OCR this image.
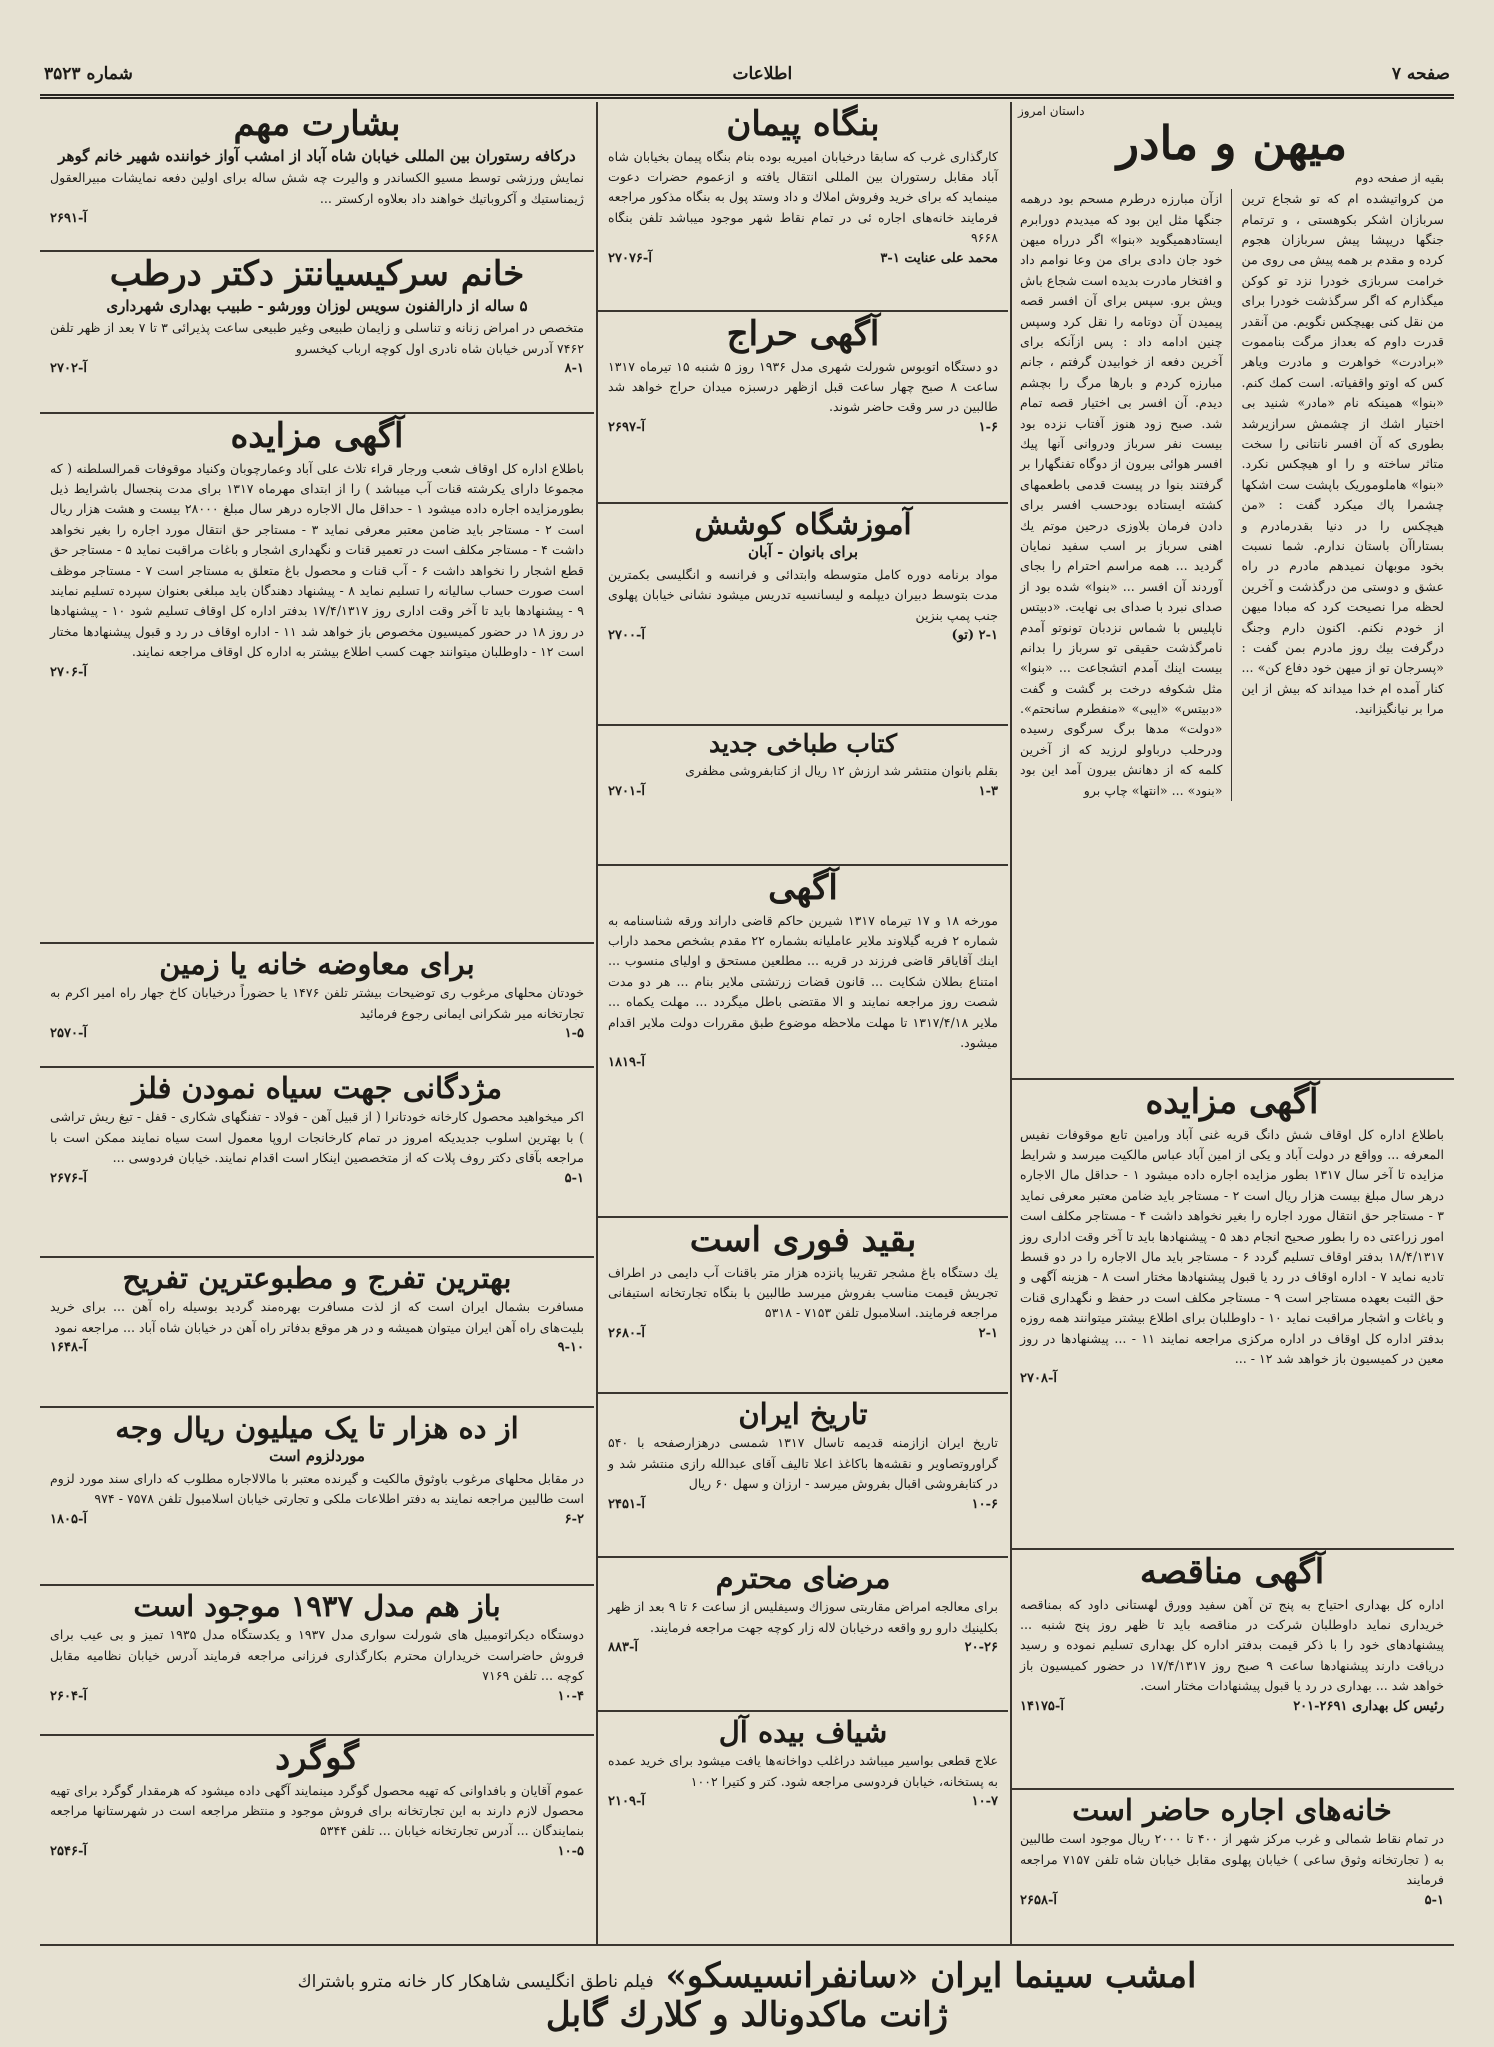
صفحه ۷
اطلاعات
شماره ۳۵۲۳
داستان امروز
میهن و مادر
بقیه از صفحه دوم

من کرواتیشده ام که تو شجاع ترین سربازان اشکر بکوهستی ، و ترتمام جنگها دریپشا پیش سربازان هجوم کرده و مقدم بر همه پیش می روی من خرامت سربازی خودرا نزد تو کوکن میگذارم که اگر سرگذشت خودرا برای من نقل کنی بهیچکس نگویم. من آنقدر قدرت داوم که بعداز مرگت بنامموت «برادرت» خواهرت و مادرت ویاهر کس که اوتو واقفیاته. است کمك کنم. «بنوا» همینکه نام «مادر» شنید بی اختیار اشك از چشمش سرازیرشد بطوری که آن افسر نانتانی را سخت متاثر ساخته و را او هیچکس نکرد. «بنوا» هاملوموریک باپشت ست اشکها چشمرا پاك میکرد گفت : «من هیچکس را در دنیا بقدرمادرم و بستاراآن باستان ندارم. شما نسبت بخود موبهان نمیدهم مادرم در راه عشق و دوستی من درگذشت و آخرین لحظه مرا نصیحت کرد که مبادا میهن از خودم نکنم. اکنون دارم وجنگ درگرفت بیك روز مادرم بمن گفت : «پسرجان تو از میهن خود دفاع کن» ... کنار آمده ام خدا میداند که بیش از این مرا بر نیانگیزانید.

ازآن مبارزه درطرم مسحم بود درهمه جنگها مثل این بود که میدیدم دورابرم ایستادهمیگوید «بنوا» اگر درراه میهن خود جان دادی برای من وعا نوامم داد و افتخار مادرت بدیده است شجاع باش ویش برو. سپس برای آن افسر قصه پیمیدن آن دوتامه را نقل کرد وسپس چنین ادامه داد : پس ازآنکه برای آخرین دفعه از خوابیدن گرفتم ، جانم مبارزه کردم و بارها مرگ را بچشم دیدم. آن افسر بی اختیار قصه تمام شد. صبح زود هنوز آفتاب نزده بود بیست نفر سرباز ودروانی آنها پیك افسر هوائی بیرون از دوگاه تفنگهارا بر گرفتند بنوا در پیست قدمی باطعمهای کشته ایستاده بودحسب افسر برای دادن فرمان بلاوزی درحین موتم یك اهنی سرباز بر اسب سفید نمایان گردید ... همه مراسم احترام را بجای آوردند آن افسر ... «بنوا» شده بود از صدای نبرد با صدای بی نهایت. «دبیتس ناپلیس با شماس نزدبان تونوتو آمدم نامرگذشت حقیقی تو سرباز را بدانم بیست اینك آمدم اتشجاعت ... «بنوا» مثل شكوفه درخت بر گشت و گفت «دبیتس» «ایبی» «منفطرم سانحتم». «دولت» مدها برگ سرگوی رسیده ودرحلب درباولو لرزید که از آخرین کلمه که از دهانش بیرون آمد این بود «بنود» ... «انتها» چاپ برو

آگهی مزایده

باطلاع اداره کل اوقاف شش دانگ قریه غنی آباد ورامین تابع موقوفات نفیس المعرفه ... وواقع در دولت آباد و یکی از امین آباد عباس مالکیت میرسد و شرایط مزایده تا آخر سال ۱۳۱۷ بطور مزایده اجاره داده میشود ۱ - حداقل مال الاجاره درهر سال مبلغ بیست هزار ریال است ۲ - مستاجر باید ضامن معتبر معرفی نماید ۳ - مستاجر حق انتقال مورد اجاره را بغیر نخواهد داشت ۴ - مستاجر مکلف است امور زراعتی ده را بطور صحیح انجام دهد ۵ - پیشنهادها باید تا آخر وقت اداری روز ۱۸/۴/۱۳۱۷ بدفتر اوقاف تسلیم گردد ۶ - مستاجر باید مال الاجاره را در دو قسط تادیه نماید ۷ - اداره اوقاف در رد یا قبول پیشنهادها مختار است ۸ - هزینه آگهی و حق الثبت بعهده مستاجر است ۹ - مستاجر مکلف است در حفظ و نگهداری قنات و باغات و اشجار مراقبت نماید ۱۰ - داوطلبان برای اطلاع بیشتر میتوانند همه روزه بدفتر اداره کل اوقاف در اداره مرکزی مراجعه نمایند ۱۱ - ... پیشنهادها در روز معین در کمیسیون باز خواهد شد ۱۲ - ...

آ-۲۷۰۸
آگهی مناقصه

اداره کل بهداری احتیاج به پنج تن آهن سفید وورق لهستانی داود که بمناقصه خریداری نماید داوطلبان شرکت در مناقصه باید تا ظهر روز پنج شنبه ... پیشنهادهای خود را با ذکر قیمت بدفتر اداره کل بهداری تسلیم نموده و رسید دریافت دارند پیشنهادها ساعت ۹ صبح روز ۱۷/۴/۱۳۱۷ در حضور کمیسیون باز خواهد شد ... بهداری در رد یا قبول پیشنهادات مختار است.

رئیس کل بهداری ۲۶۹۱-۲۰۱
آ-۱۴۱۷۵
خانه‌های اجاره حاضر است

در تمام نقاط شمالی و غرب مرکز شهر از ۴۰۰ تا ۲۰۰۰ ریال موجود است طالبین به ( تجارتخانه وثوق ساعی ) خیابان پهلوی مقابل خیابان شاه تلفن ۷۱۵۷ مراجعه فرمایند

۵-۱
آ-۲۶۵۸
بنگاه پیمان

کارگذاری غرب که سابقا درخیابان امیریه بوده بنام بنگاه پیمان بخیابان شاه آباد مقابل رستوران بین المللی انتقال یافته و ازعموم حضرات دعوت مینماید که برای خرید وفروش املاك و داد وستد پول به بنگاه مذکور مراجعه فرمایند خانه‌های اجاره ئی در تمام نقاط شهر موجود میباشد تلفن بنگاه ۹۶۶۸

محمد علی عنایت ۱-۳
آ-۲۷۰۷۶
آگهی حراج

دو دستگاه اتوبوس شورلت شهری مدل ۱۹۳۶ روز ۵ شنبه ۱۵ تیرماه ۱۳۱۷ ساعت ۸ صبح چهار ساعت قبل ازظهر درسبزه میدان حراج خواهد شد طالبین در سر وقت حاضر شوند.

۱-۶
آ-۲۶۹۷
آموزشگاه کوشش
برای بانوان - آبان

مواد برنامه دوره کامل متوسطه وابتدائی و فرانسه و انگلیسی بکمترین مدت بتوسط دبیران دیپلمه و لیسانسیه تدریس میشود نشانی خیابان پهلوی جنب پمپ بنزین

(تو) ۱-۲
آ-۲۷۰۰
کتاب طباخی جدید

بقلم بانوان منتشر شد ارزش ۱۲ ریال از کتابفروشی مظفری

۱-۳
آ-۲۷۰۱
آگهی

مورخه ۱۸ و ۱۷ تیرماه ۱۳۱۷ شیرین حاکم قاضی داراند ورقه شناسنامه به شماره ۲ فریه گیلاوند ملایر عاملیانه بشماره ۲۲ مقدم بشخص محمد داراب اینك آقایاقر قاضی فرزند در قریه ... مطلعین مستحق و اولیای منسوب ... امتناع بطلان شکایت ... قانون قضات زرتشتی ملایر بنام ... هر دو مدت شصت روز مراجعه نمایند و الا مقتضی باطل میگردد ... مهلت یکماه ... ملایر ۱۳۱۷/۴/۱۸ تا مهلت ملاحظه موضوع طبق مقررات دولت ملایر اقدام میشود.

آ-۱۸۱۹
بقید فوری است

یك دستگاه باغ مشجر تقریبا پانزده هزار متر باقنات آب دایمی در اطراف تجریش قیمت مناسب بفروش میرسد طالبین با بنگاه تجارتخانه استیفانی مراجعه فرمایند. اسلامبول تلفن ۷۱۵۳ - ۵۳۱۸

۲-۱
آ-۲۶۸۰
تاریخ ایران

تاریخ ایران ازازمنه قدیمه تاسال ۱۳۱۷ شمسی درهزارصفحه با ۵۴۰ گراوروتصاویر و نقشه‌ها باکاغذ اعلا تالیف آقای عبدالله رازی منتشر شد و در کتابفروشی اقبال بفروش میرسد - ارزان و سهل ۶۰ ریال

۱۰-۶
آ-۲۴۵۱
مرضای محترم

برای معالجه امراض مقاربتی سوزاك وسیفلیس از ساعت ۶ تا ۹ بعد از ظهر بکلینیك دارو رو واقعه درخیابان لاله زار کوچه جهت مراجعه فرمایند.

۲۰-۲۶
آ-۸۸۳
شیاف بیده آل

علاج قطعی بواسیر میباشد دراغلب دواخانه‌ها یافت میشود برای خرید عمده به پستخانه، خیابان فردوسی مراجعه شود. کتر و کتیرا ۱۰۰۲

۱۰-۷
آ-۲۱۰۹
بشارت مهم
درکافه رستوران بین المللی خیابان شاه آباد از امشب آواز خواننده شهیر خانم گوهر

نمایش ورزشی توسط مسیو الکساندر و والیرت چه شش ساله برای اولین دفعه نمایشات مبیرالعقول ژیمناستیك و آکروباتیك خواهند داد بعلاوه ارکستر ...

آ-۲۶۹۱
خانم سرکیسیانتز دکتر درطب
۵ ساله از دارالفنون سویس لوزان وورشو - طبیب بهداری شهرداری

متخصص در امراض زنانه و تناسلی و زایمان طبیعی وغیر طبیعی ساعت پذیرائی ۳ تا ۷ بعد از ظهر تلفن ۷۴۶۲ آدرس خیابان شاه نادری اول کوچه ارباب کیخسرو

۸-۱
آ-۲۷۰۲
آگهی مزایده

باطلاع اداره کل اوقاف شعب ورجار قراء تلاث علی آباد وعمارچوبان وکنیاد موقوفات قمرالسلطنه ( که مجموعا دارای یکرشته قنات آب میباشد ) را از ابتدای مهرماه ۱۳۱۷ برای مدت پنجسال باشرایط ذیل بطورمزایده اجاره داده میشود ۱ - حداقل مال الاجاره درهر سال مبلغ ۲۸۰۰۰ بیست و هشت هزار ریال است ۲ - مستاجر باید ضامن معتبر معرفی نماید ۳ - مستاجر حق انتقال مورد اجاره را بغیر نخواهد داشت ۴ - مستاجر مکلف است در تعمیر قنات و نگهداری اشجار و باغات مراقبت نماید ۵ - مستاجر حق قطع اشجار را نخواهد داشت ۶ - آب قنات و محصول باغ متعلق به مستاجر است ۷ - مستاجر موظف است صورت حساب سالیانه را تسلیم نماید ۸ - پیشنهاد دهندگان باید مبلغی بعنوان سپرده تسلیم نمایند ۹ - پیشنهادها باید تا آخر وقت اداری روز ۱۷/۴/۱۳۱۷ بدفتر اداره کل اوقاف تسلیم شود ۱۰ - پیشنهادها در روز ۱۸ در حضور کمیسیون مخصوص باز خواهد شد ۱۱ - اداره اوقاف در رد و قبول پیشنهادها مختار است ۱۲ - داوطلبان میتوانند جهت کسب اطلاع بیشتر به اداره کل اوقاف مراجعه نمایند.

آ-۲۷۰۶
برای معاوضه خانه یا زمین

خودتان محلهای مرغوب ری توضیحات بیشتر تلفن ۱۴۷۶ یا حضوراً درخیابان کاخ جهار راه امیر اکرم به تجارتخانه میر شکرانی ایمانی رجوع فرمائید

۱-۵
آ-۲۵۷۰
مژدگانی جهت سیاه نمودن فلز

اکر میخواهید محصول کارخانه خودتانرا ( از قبیل آهن - فولاد - تفنگهای شکاری - قفل - تیغ ریش تراشی ) با بهترین اسلوب جدیدیکه امروز در تمام کارخانجات اروپا معمول است سیاه نمایند ممکن است با مراجعه بآقای دکتر روف پلات که از متخصصین اینکار است اقدام نمایند. خیابان فردوسی ...

۵-۱
آ-۲۶۷۶
بهترین تفرج و مطبوعترین تفریح

مسافرت بشمال ایران است که از لذت مسافرت بهره‌مند گردید بوسیله راه آهن ... برای خرید بلیت‌های راه آهن ایران میتوان همیشه و در هر موقع بدفاتر راه آهن در خیابان شاه آباد ... مراجعه نمود

۹-۱۰
آ-۱۶۴۸
از ده هزار تا یک میلیون ریال وجه
موردلزوم است

در مقابل محلهای مرغوب باوثوق مالکیت و گیرنده معتبر با مالالاجاره مطلوب که دارای سند مورد لزوم است طالبین مراجعه نمایند به دفتر اطلاعات ملکی و تجارتی خیابان اسلامبول تلفن ۷۵۷۸ - ۹۷۴

۶-۲
آ-۱۸۰۵
باز هم مدل ۱۹۳۷ موجود است

دوستگاه دیکراتومبیل های شورلت سواری مدل ۱۹۳۷ و یکدستگاه مدل ۱۹۳۵ تمیز و بی عیب برای فروش حاضراست خریداران محترم بکارگذاری فرزانی مراجعه فرمایند آدرس خیابان نظامیه مقابل کوچه ... تلفن ۷۱۶۹

۱۰-۴
آ-۲۶۰۴
گوگرد

عموم آقایان و بافداوانی که تهیه محصول گوگرد مینمایند آگهی داده میشود که هرمقدار گوگرد برای تهیه محصول لازم دارند به این تجارتخانه برای فروش موجود و منتظر مراجعه است در شهرستانها مراجعه بنمایندگان ... آدرس تجارتخانه خیابان ... تلفن ۵۳۴۴

۱۰-۵
آ-۲۵۴۶
امشب سینما ایران «سانفرانسیسکو» فیلم ناطق انگلیسی شاهکار کار خانه مترو باشتراك
ژانت ماکدونالد و کلارك گابل
